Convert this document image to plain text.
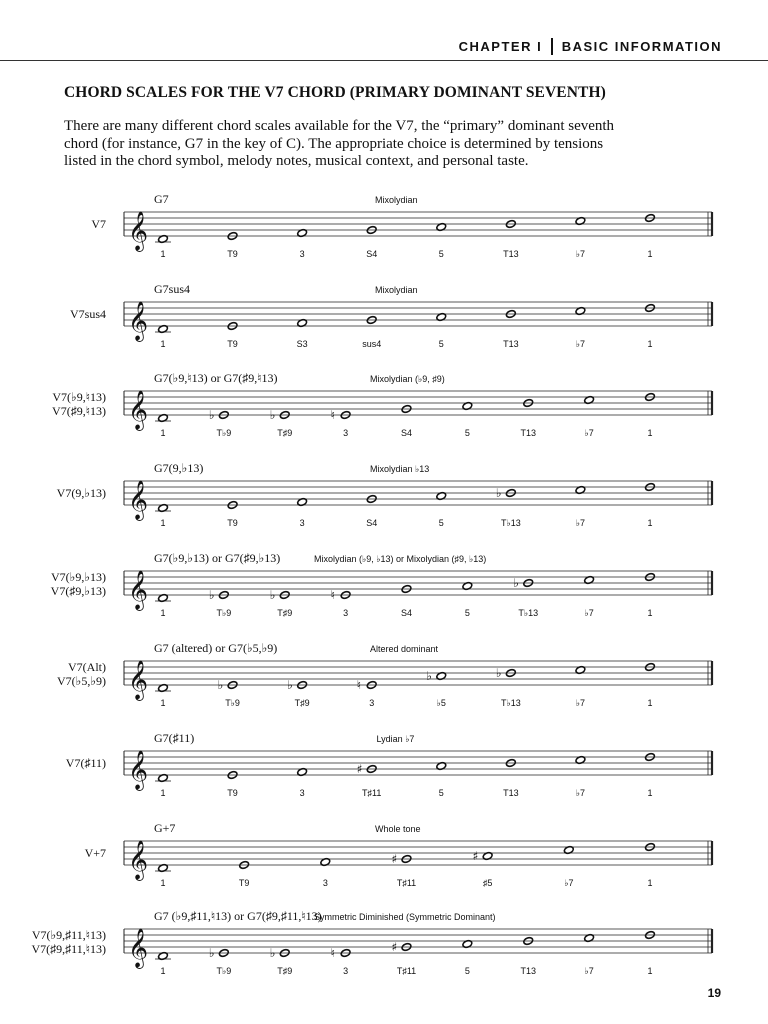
CHAPTER I BASIC INFORMATION
CHORD SCALES FOR THE V7 CHORD (PRIMARY DOMINANT SEVENTH)
There are many different chord scales available for the V7, the “primary” dominant seventh chord (for instance, G7 in the key of C). The appropriate choice is determined by tensions listed in the chord symbol, melody notes, musical context, and personal taste.
V7
G7	Mixolydian
𝄞
1	T9	3	S4	5	T13	♭7	1
V7sus4
G7sus4	Mixolydian
𝄞
1	T9	S3	sus4	5	T13	♭7	1
V7(♭9,♮13)
V7(♯9,♮13)
G7(♭9,♮13) or G7(♯9,♮13)	Mixolydian (♭9, ♯9)
𝄞	♭	♭	♮
1	T♭9	T♯9	3	S4	5	T13	♭7	1
V7(9,♭13)
G7(9,♭13)	Mixolydian ♭13
𝄞	♭
1	T9	3	S4	5	T♭13	♭7	1
V7(♭9,♭13)
V7(♯9,♭13)
G7(♭9,♭13) or G7(♯9,♭13)	Mixolydian (♭9, ♭13) or Mixolydian (♯9, ♭13)
𝄞	♭	♭	♮
♭
1	T♭9	T♯9	3	S4	5	T♭13	♭7	1
V7(Alt)
V7(♭5,♭9)
G7 (altered) or G7(♭5,♭9)	Altered dominant
𝄞	♭	♭	♮
♭	♭
1	T♭9	T♯9	3	♭5	T♭13	♭7	1
V7(♯11)
G7(♯11)	Lydian ♭7
𝄞	♯
1	T9	3	T♯11	5	T13	♭7	1
V+7
G+7	Whole tone
𝄞	♯	♯
1	T9	3	T♯11	♯5	♭7	1
V7(♭9,♯11,♮13)
V7(♯9,♯11,♮13)
G7 (♭9,♯11,♮13) or G7(♯9,♯11,♮13)
Symmetric Diminished (Symmetric Dominant)
𝄞	♭	♭	♮	♯
1	T♭9	T♯9	3	T♯11	5	T13	♭7	1
19
